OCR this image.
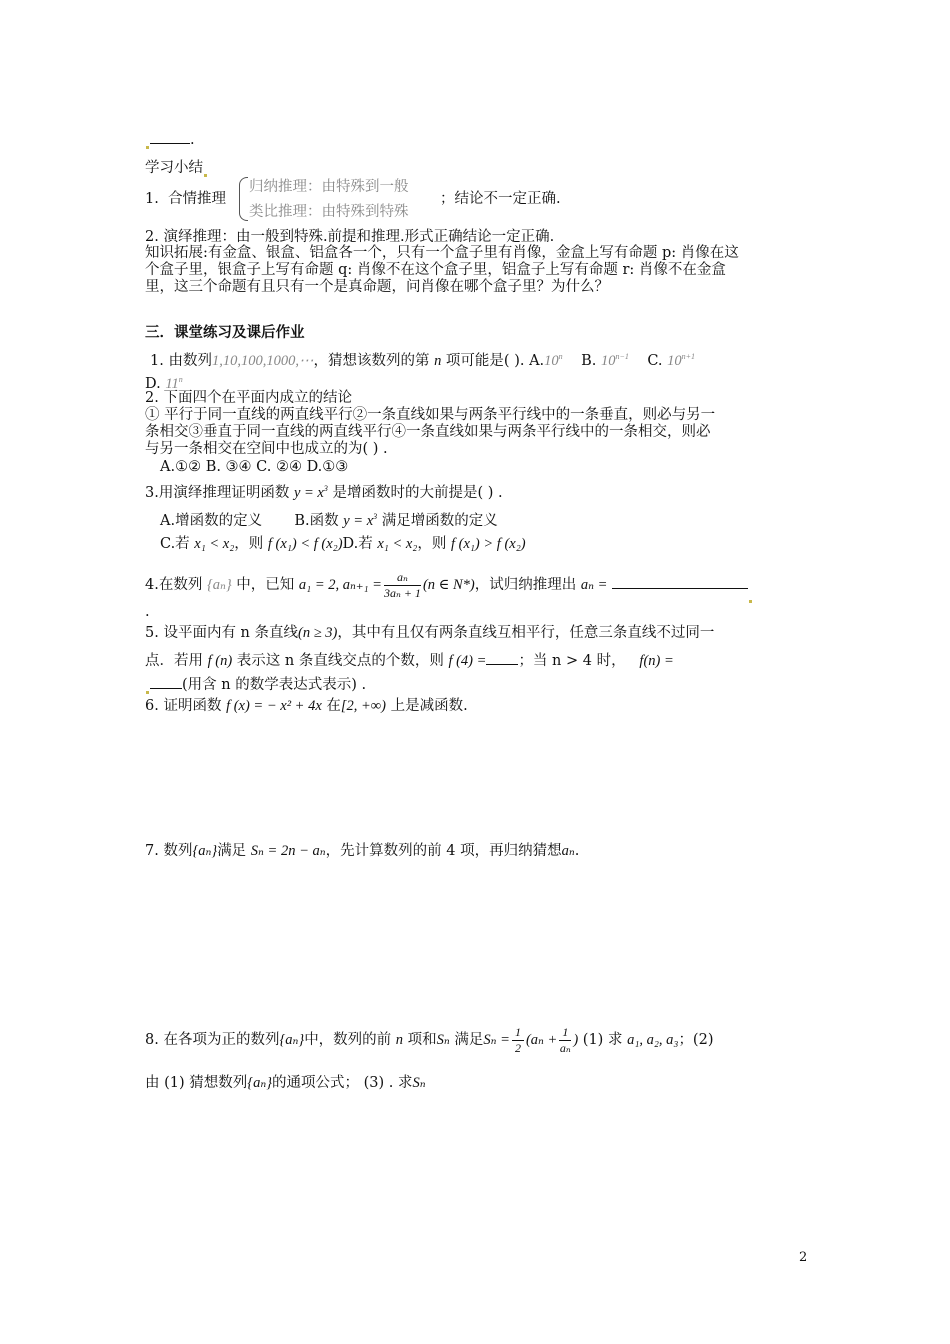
.
学习小结
1. 合情推理
归纳推理：由特殊到一般
类比推理：由特殊到特殊
；结论不一定正确.
2. 演绎推理：由一般到特殊.前提和推理.形式正确结论一定正确.
知识拓展:有金盒、银盒、铝盒各一个，只有一个盒子里有肖像，金盒上写有命题 p: 肖像在这
个盒子里，银盒子上写有命题 q: 肖像不在这个盒子里，铝盒子上写有命题 r: 肖像不在金盒
里，这三个命题有且只有一个是真命题，问肖像在哪个盒子里？为什么？
三．课堂练习及课后作业
1. 由数列1,10,100,1000,⋯，猜想该数列的第 n 项可能是( ). A.10$^n$ B. $10^{n-1}$ C. $10^{n+1}$
D. 11$^n$
2. 下面四个在平面内成立的结论
① 平行于同一直线的两直线平行②一条直线如果与两条平行线中的一条垂直，则必与另一
条相交③垂直于同一直线的两直线平行④一条直线如果与两条平行线中的一条相交，则必
与另一条相交在空间中也成立的为( ) .
A.①② B. ③④ C. ②④ D.①③
3.用演绎推理证明函数 $y = x^3$ 是增函数时的大前提是( ) .
A.增函数的定义 B.函数 $y = x^3$ 满足增函数的定义
C.若 x₁ < x₂，则 f (x₁) < f (x₂)D.若 x₁ < x₂，则 f (x₁) > f (x₂)
4.在数列 {aₙ} 中，已知 a₁ = 2, $a_{n+1} = \frac{\text{aₙ}}{\text{3aₙ + 1}} (n$ ∈ N*)，试归纳推理出 aₙ =
.
5. 设平面内有 n 条直线(n ≥ 3)，其中有且仅有两条直线互相平行，任意三条直线不过同一
点．若用 f (n) 表示这 n 条直线交点的个数，则 f (4) = ；当 n > 4 时， f(n) =
(用含 n 的数学表达式表示) .
6. 证明函数 f (x) = − x² + 4x 在[2, +∞) 上是减函数.
7. 数列{aₙ}满足 Sₙ = 2n − aₙ，先计算数列的前 4 项，再归纳猜想aₙ.
8. 在各项为正的数列{aₙ}中，数列的前 n 项和Sₙ 满足$S_n = \frac{1}{2} (a_n + \frac{1}{\text{aₙ}}$ ) (1) 求 a₁, a₂, a₃；(2)
由 (1) 猜想数列{aₙ}的通项公式； (3) . 求Sₙ
2
